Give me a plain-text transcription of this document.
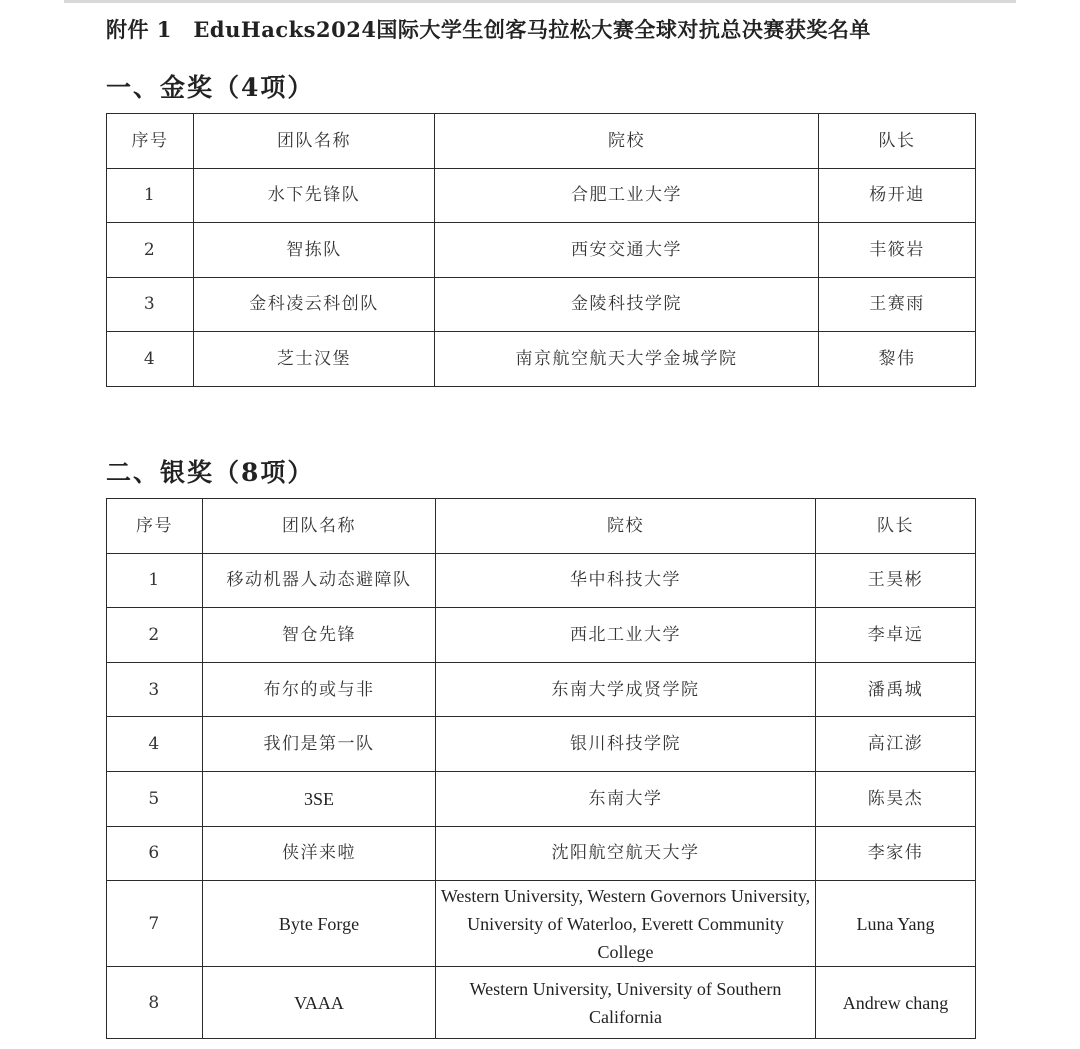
附件 1　EduHacks2024国际大学生创客马拉松大赛全球对抗总决赛获奖名单
一、金奖（4项）
序号	团队名称	院校	队长
1	水下先锋队	合肥工业大学	杨开迪
2	智拣队	西安交通大学	丰筱岩
3	金科凌云科创队	金陵科技学院	王赛雨
4	芝士汉堡	南京航空航天大学金城学院	黎伟
二、银奖（8项）
序号	团队名称	院校	队长
1	移动机器人动态避障队	华中科技大学	王昊彬
2	智仓先锋	西北工业大学	李卓远
3	布尔的或与非	东南大学成贤学院	潘禹城
4	我们是第一队	银川科技学院	高江澎
5	3SE	东南大学	陈昊杰
6	侠洋来啦	沈阳航空航天大学	李家伟
7	Byte Forge	Western University, Western Governors University, University of Waterloo, Everett Community College	Luna Yang
8	VAAA	Western University, University of Southern California	Andrew chang
